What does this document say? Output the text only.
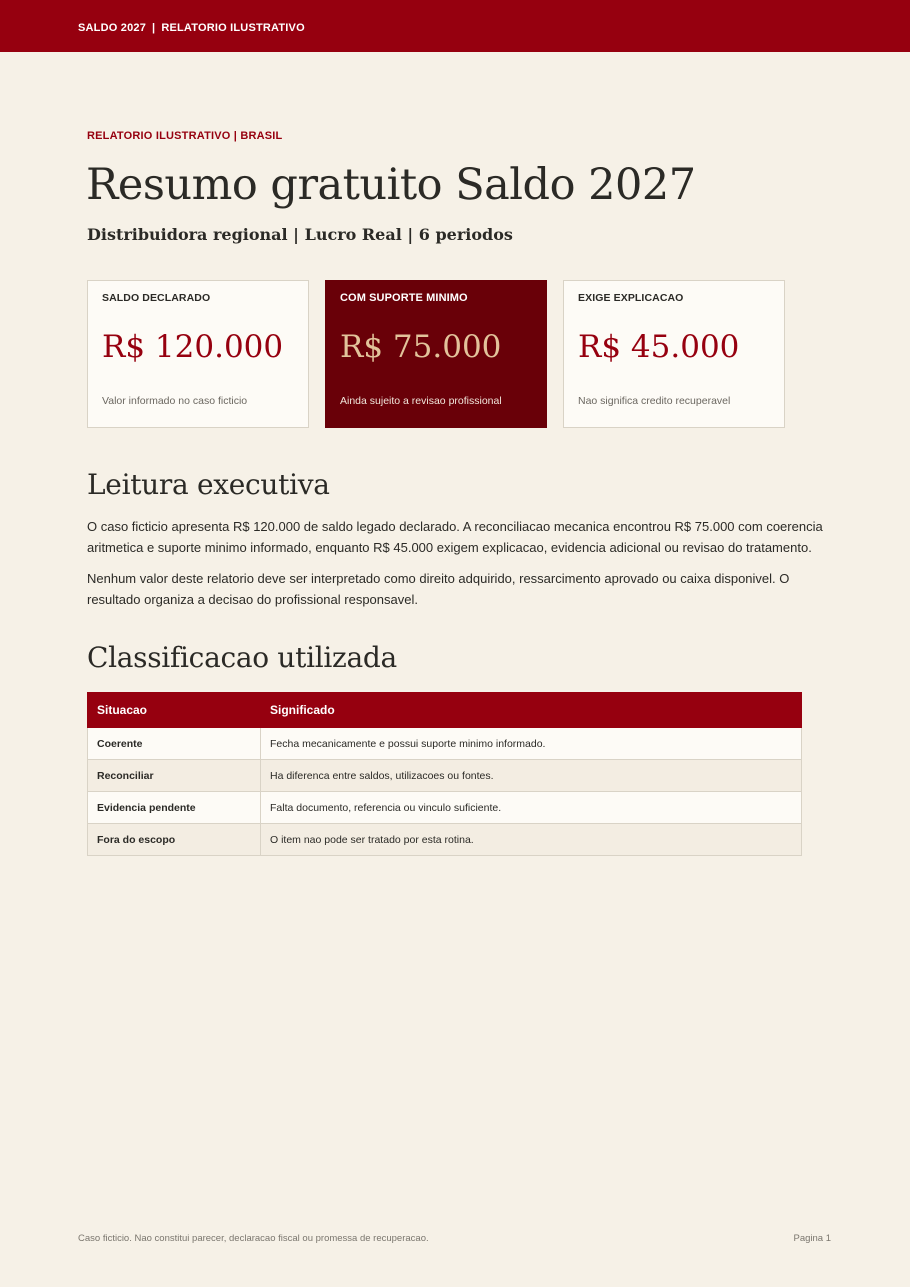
SALDO 2027 | RELATORIO ILUSTRATIVO
RELATORIO ILUSTRATIVO | BRASIL
Resumo gratuito Saldo 2027
Distribuidora regional | Lucro Real | 6 periodos
SALDO DECLARADO
R$ 120.000
Valor informado no caso ficticio
COM SUPORTE MINIMO
R$ 75.000
Ainda sujeito a revisao profissional
EXIGE EXPLICACAO
R$ 45.000
Nao significa credito recuperavel
Leitura executiva

O caso ficticio apresenta R$ 120.000 de saldo legado declarado. A reconciliacao mecanica encontrou R$ 75.000 com coerencia aritmetica e suporte minimo informado, enquanto R$ 45.000 exigem explicacao, evidencia adicional ou revisao do tratamento.

Nenhum valor deste relatorio deve ser interpretado como direito adquirido, ressarcimento aprovado ou caixa disponivel. O resultado organiza a decisao do profissional responsavel.

Classificacao utilizada
Situacao	Significado
Coerente	Fecha mecanicamente e possui suporte minimo informado.
Reconciliar	Ha diferenca entre saldos, utilizacoes ou fontes.
Evidencia pendente	Falta documento, referencia ou vinculo suficiente.
Fora do escopo	O item nao pode ser tratado por esta rotina.
Caso ficticio. Nao constitui parecer, declaracao fiscal ou promessa de recuperacao.	Pagina 1
